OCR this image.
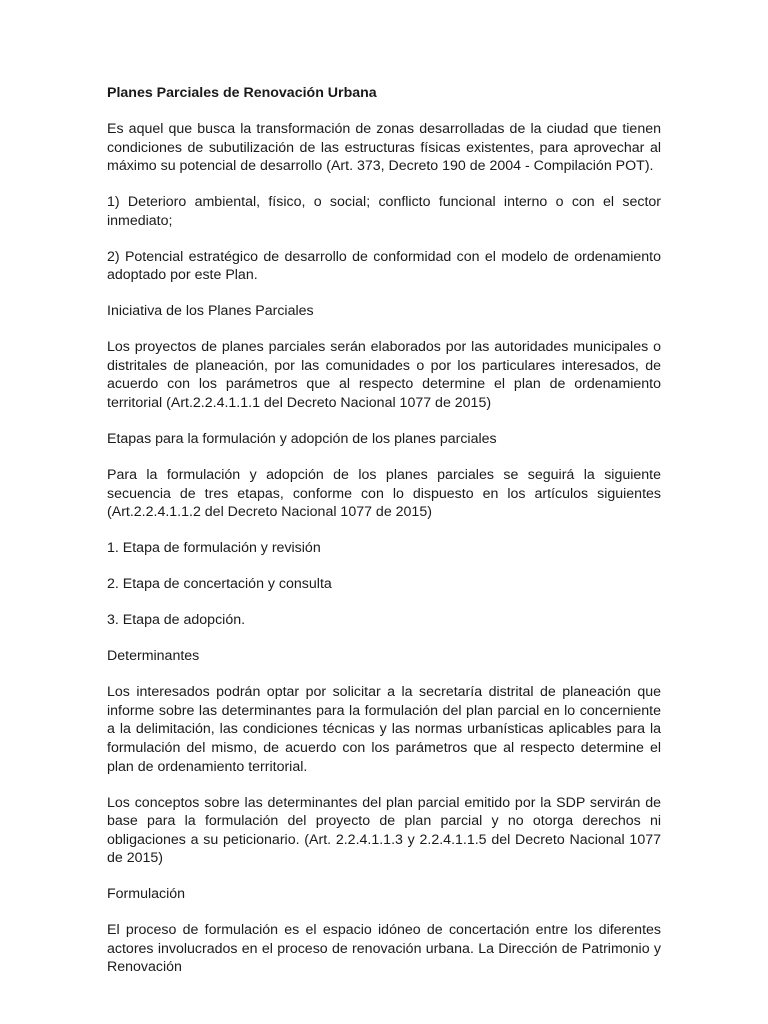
Planes Parciales de Renovación Urbana

Es aquel que busca la transformación de zonas desarrolladas de la ciudad que tienen condiciones de subutilización de las estructuras físicas existentes, para aprovechar al máximo su potencial de desarrollo (Art. 373, Decreto 190 de 2004 - Compilación POT).

1) Deterioro ambiental, físico, o social; conflicto funcional interno o con el sector inmediato;

2) Potencial estratégico de desarrollo de conformidad con el modelo de ordenamiento adoptado por este Plan.

Iniciativa de los Planes Parciales

Los proyectos de planes parciales serán elaborados por las autoridades municipales o distritales de planeación, por las comunidades o por los particulares interesados, de acuerdo con los parámetros que al respecto determine el plan de ordenamiento territorial (Art.2.2.4.1.1.1 del Decreto Nacional 1077 de 2015)

Etapas para la formulación y adopción de los planes parciales

Para la formulación y adopción de los planes parciales se seguirá la siguiente secuencia de tres etapas, conforme con lo dispuesto en los artículos siguientes (Art.2.2.4.1.1.2 del Decreto Nacional 1077 de 2015)

1. Etapa de formulación y revisión

2. Etapa de concertación y consulta

3. Etapa de adopción.

Determinantes

Los interesados podrán optar por solicitar a la secretaría distrital de planeación que informe sobre las determinantes para la formulación del plan parcial en lo concerniente a la delimitación, las condiciones técnicas y las normas urbanísticas aplicables para la formulación del mismo, de acuerdo con los parámetros que al respecto determine el plan de ordenamiento territorial.

Los conceptos sobre las determinantes del plan parcial emitido por la SDP servirán de base para la formulación del proyecto de plan parcial y no otorga derechos ni obligaciones a su peticionario. (Art. 2.2.4.1.1.3 y 2.2.4.1.1.5 del Decreto Nacional 1077 de 2015)

Formulación

El proceso de formulación es el espacio idóneo de concertación entre los diferentes actores involucrados en el proceso de renovación urbana. La Dirección de Patrimonio y Renovación
